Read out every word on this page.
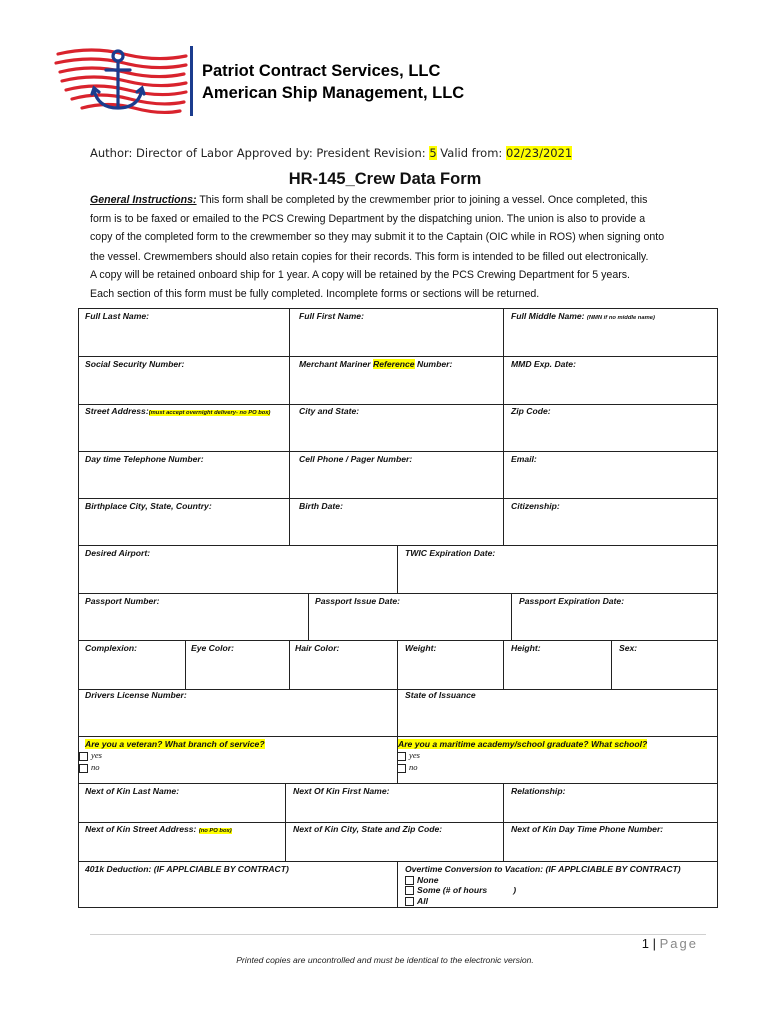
Patriot Contract Services, LLC
American Ship Management, LLC
Author: Director of Labor Approved by: President Revision: 5 Valid from: 02/23/2021
HR-145_Crew Data Form
General Instructions: This form shall be completed by the crewmember prior to joining a vessel. Once completed, this
form is to be faxed or emailed to the PCS Crewing Department by the dispatching union. The union is also to provide a
copy of the completed form to the crewmember so they may submit it to the Captain (OIC while in ROS) when signing onto
the vessel. Crewmembers should also retain copies for their records. This form is intended to be filled out electronically.
A copy will be retained onboard ship for 1 year. A copy will be retained by the PCS Crewing Department for 5 years.
Each section of this form must be fully completed. Incomplete forms or sections will be returned.
Full Last Name:	Full First Name:	Full Middle Name: (NMN if no middle name)
Social Security Number:	Merchant Mariner Reference Number:	MMD Exp. Date:
Street Address:(must accept overnight delivery- no PO box)	City and State:	Zip Code:
Day time Telephone Number:	Cell Phone / Pager Number:	Email:
Birthplace City, State, Country:	Birth Date:	Citizenship:
Desired Airport:	TWIC Expiration Date:
Passport Number:	Passport Issue Date:	Passport Expiration Date:
Complexion:	Eye Color:	Hair Color:	Weight:	Height:	Sex:
Drivers License Number:	State of Issuance
Are you a veteran? What branch of service?
yes
no
Are you a maritime academy/school graduate? What school?
yes
no
Next of Kin Last Name:	Next Of Kin First Name:	Relationship:
Next of Kin Street Address: (no PO box)	Next of Kin City, State and Zip Code:	Next of Kin Day Time Phone Number:
401k Deduction: (IF APPLCIABLE BY CONTRACT)	Overtime Conversion to Vacation: (IF APPLCIABLE BY CONTRACT)
None
Some (# of hours	)
All
1 | Page
Printed copies are uncontrolled and must be identical to the electronic version.
